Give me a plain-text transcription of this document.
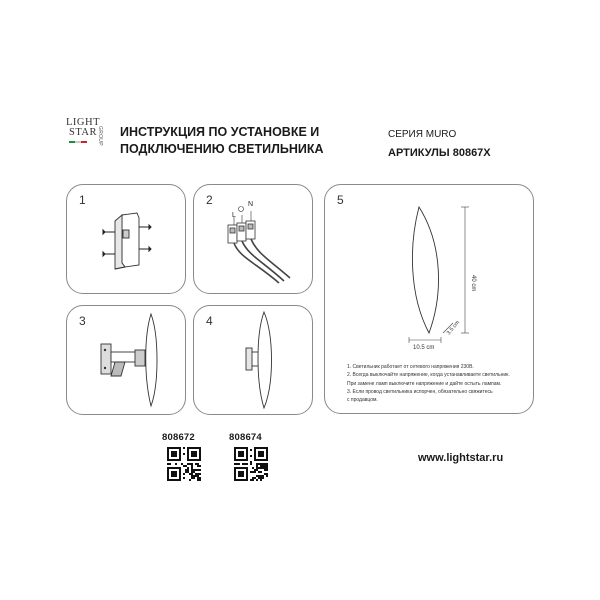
LIGHT
STAR GROUP ИНСТРУКЦИЯ ПО УСТАНОВКЕ И
ПОДКЛЮЧЕНИЮ СВЕТИЛЬНИКА
СЕРИЯ MURO
АРТИКУЛЫ 80867X
1	2
L
N
3	4
5
40 cm
10.5 cm
3.5 cm
1. Светильник работает от сетевого напряжения 230В.
2. Всегда выключайте напряжение, когда устанавливаете светильник.
При замене ламп выключите напряжение и дайте остыть лампам.
3. Если провод светильника испорчен, обязательно свяжитесь
с продавцом.
808672	808674
www.lightstar.ru
